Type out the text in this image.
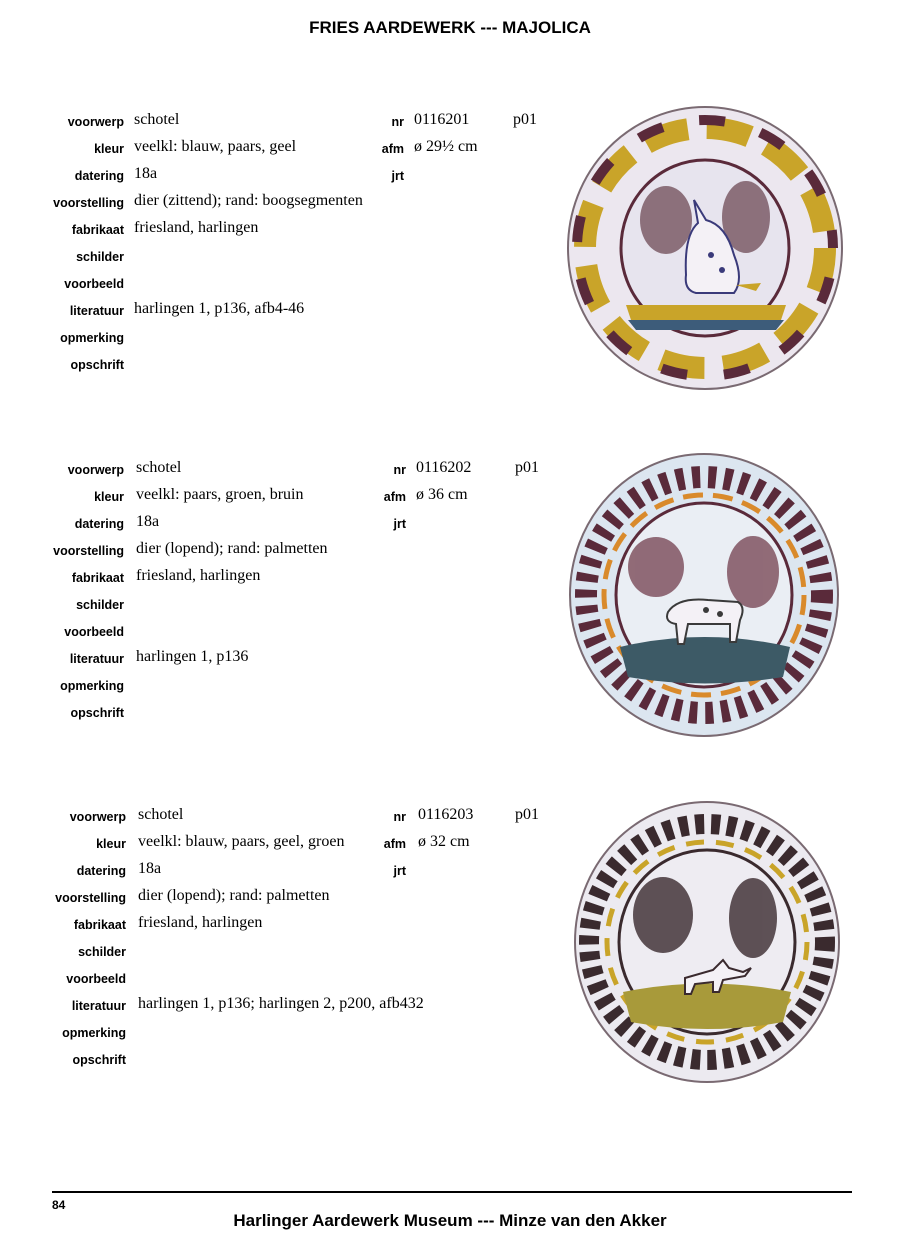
FRIES AARDEWERK --- MAJOLICA
voorwerp
kleur
datering
voorstelling
fabrikaat
schilder
voorbeeld
literatuur
opmerking
opschrift
schotel
veelkl: blauw, paars, geel
18a
dier (zittend); rand: boogsegmenten
friesland, harlingen
harlingen 1, p136, afb4-46
nr
afm
jrt
0116201
ø 29½ cm
p01
voorwerp
kleur
datering
voorstelling
fabrikaat
schilder
voorbeeld
literatuur
opmerking
opschrift
schotel
veelkl: paars, groen, bruin
18a
dier (lopend); rand: palmetten
friesland, harlingen
harlingen 1, p136
nr
afm
jrt
0116202
ø 36 cm
p01
voorwerp
kleur
datering
voorstelling
fabrikaat
schilder
voorbeeld
literatuur
opmerking
opschrift
schotel
veelkl: blauw, paars, geel, groen
18a
dier (lopend); rand: palmetten
friesland, harlingen
harlingen 1, p136; harlingen 2, p200, afb432
afm
nr
jrt
0116203
ø 32 cm
p01
84
Harlinger Aardewerk Museum --- Minze van den Akker
